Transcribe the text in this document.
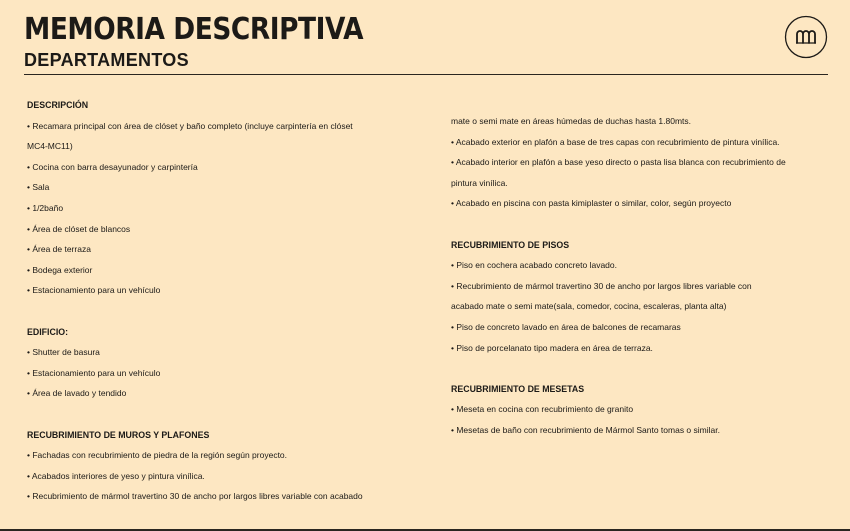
MEMORIA DESCRIPTIVA
DEPARTAMENTOS
DESCRIPCIÓN
• Recamara principal con área de clóset y baño completo (incluye carpintería en clóset
MC4-MC11)
• Cocina con barra desayunador y carpintería
• Sala
• 1/2baño
• Área de clóset de blancos
• Área de terraza
• Bodega exterior
• Estacionamiento para un vehículo
EDIFICIO:
• Shutter de basura
• Estacionamiento para un vehículo
• Área de lavado y tendido
RECUBRIMIENTO DE MUROS Y PLAFONES
• Fachadas con recubrimiento de piedra de la región según proyecto.
• Acabados interiores de yeso y pintura vinílica.
• Recubrimiento de mármol travertino 30 de ancho por largos libres variable con acabado
mate o semi mate en áreas húmedas de duchas hasta 1.80mts.
• Acabado exterior en plafón a base de tres capas con recubrimiento de pintura vinílica.
• Acabado interior en plafón a base yeso directo o pasta lisa blanca con recubrimiento de
pintura vinílica.
• Acabado en piscina con pasta kimiplaster o similar, color, según proyecto
RECUBRIMIENTO DE PISOS
• Piso en cochera acabado concreto lavado.
• Recubrimiento de mármol travertino 30 de ancho por largos libres variable con
acabado mate o semi mate(sala, comedor, cocina, escaleras, planta alta)
• Piso de concreto lavado en área de balcones de recamaras
• Piso de porcelanato tipo madera en área de terraza.
RECUBRIMIENTO DE MESETAS
• Meseta en cocina con recubrimiento de granito
• Mesetas de baño con recubrimiento de Mármol Santo tomas o similar.
